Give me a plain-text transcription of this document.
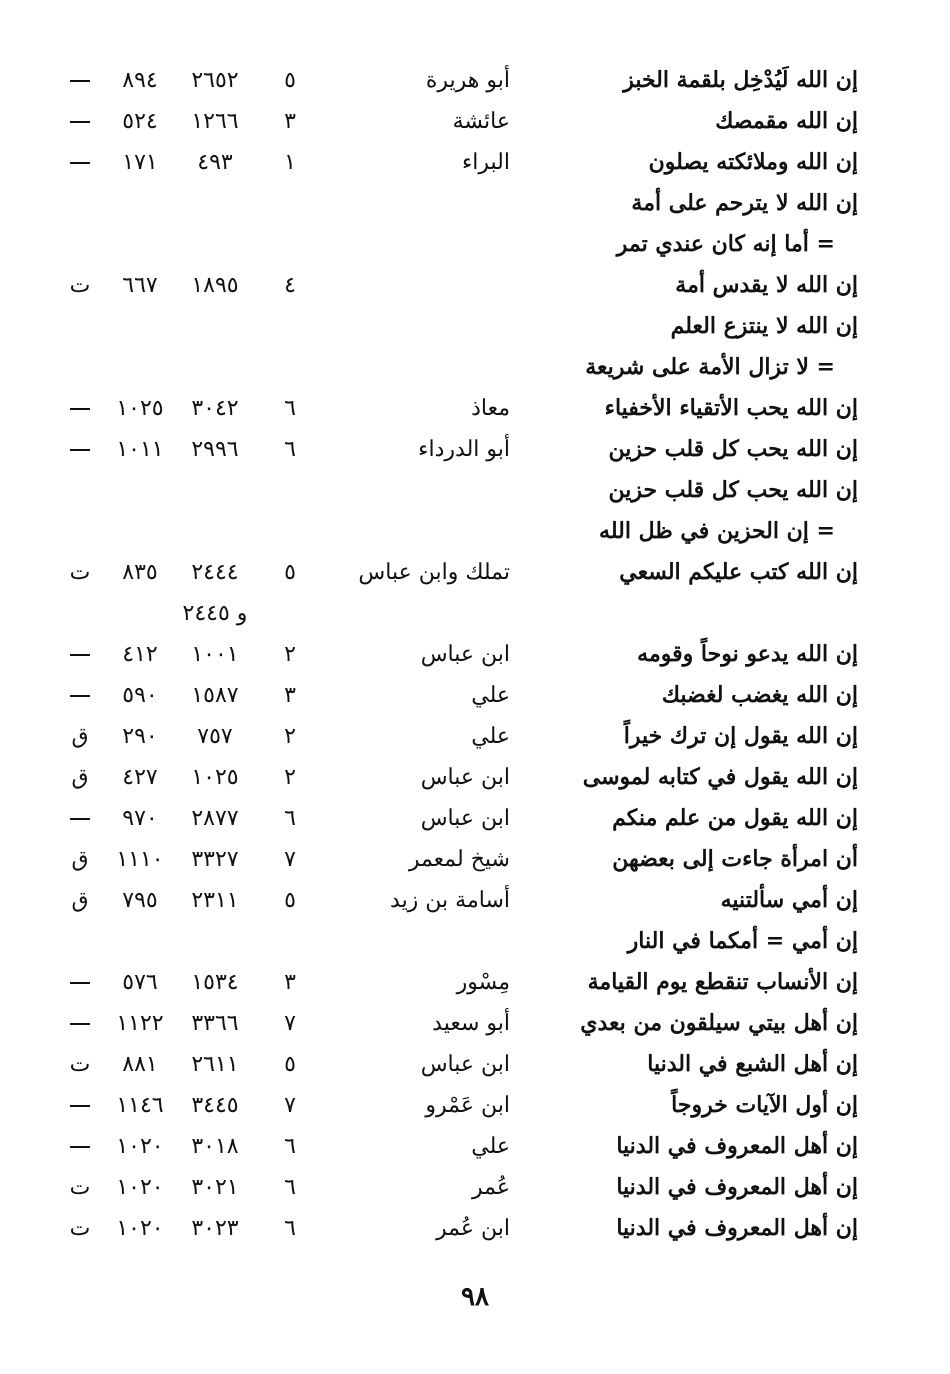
إن الله لَيُدْخِل بلقمة الخبز
أبو هريرة
٥
٢٦٥٢
٨٩٤
إن الله مقمصك
عائشة
٣
١٢٦٦
٥٢٤
إن الله وملائكته يصلون
البراء
١
٤٩٣
١٧١
إن الله لا يترحم على أمة
= أما إنه كان عندي تمر
إن الله لا يقدس أمة
٤
١٨٩٥
٦٦٧
ت
إن الله لا ينتزع العلم
= لا تزال الأمة على شريعة
إن الله يحب الأتقياء الأخفياء
معاذ
٦
٣٠٤٢
١٠٢٥
إن الله يحب كل قلب حزين
أبو الدرداء
٦
٢٩٩٦
١٠١١
إن الله يحب كل قلب حزين
= إن الحزين في ظل الله
إن الله كتب عليكم السعي
تملك وابن عباس
٥
٢٤٤٤
٨٣٥
ت
و ٢٤٤٥
إن الله يدعو نوحاً وقومه
ابن عباس
٢
١٠٠١
٤١٢
إن الله يغضب لغضبك
علي
٣
١٥٨٧
٥٩٠
إن الله يقول إن ترك خيراً
علي
٢
٧٥٧
٢٩٠
ق
إن الله يقول في كتابه لموسى
ابن عباس
٢
١٠٢٥
٤٢٧
ق
إن الله يقول من علم منكم
ابن عباس
٦
٢٨٧٧
٩٧٠
أن امرأة جاءت إلى بعضهن
شيخ لمعمر
٧
٣٣٢٧
١١١٠
ق
إن أمي سألتنيه
أسامة بن زيد
٥
٢٣١١
٧٩٥
ق
إن أمي = أمكما في النار
إن الأنساب تنقطع يوم القيامة
مِسْور
٣
١٥٣٤
٥٧٦
إن أهل بيتي سيلقون من بعدي
أبو سعيد
٧
٣٣٦٦
١١٢٢
إن أهل الشبع في الدنيا
ابن عباس
٥
٢٦١١
٨٨١
ت
إن أول الآيات خروجاً
ابن عَمْرو
٧
٣٤٤٥
١١٤٦
إن أهل المعروف في الدنيا
علي
٦
٣٠١٨
١٠٢٠
إن أهل المعروف في الدنيا
عُمر
٦
٣٠٢١
١٠٢٠
ت
إن أهل المعروف في الدنيا
ابن عُمر
٦
٣٠٢٣
١٠٢٠
ت
٩٨
